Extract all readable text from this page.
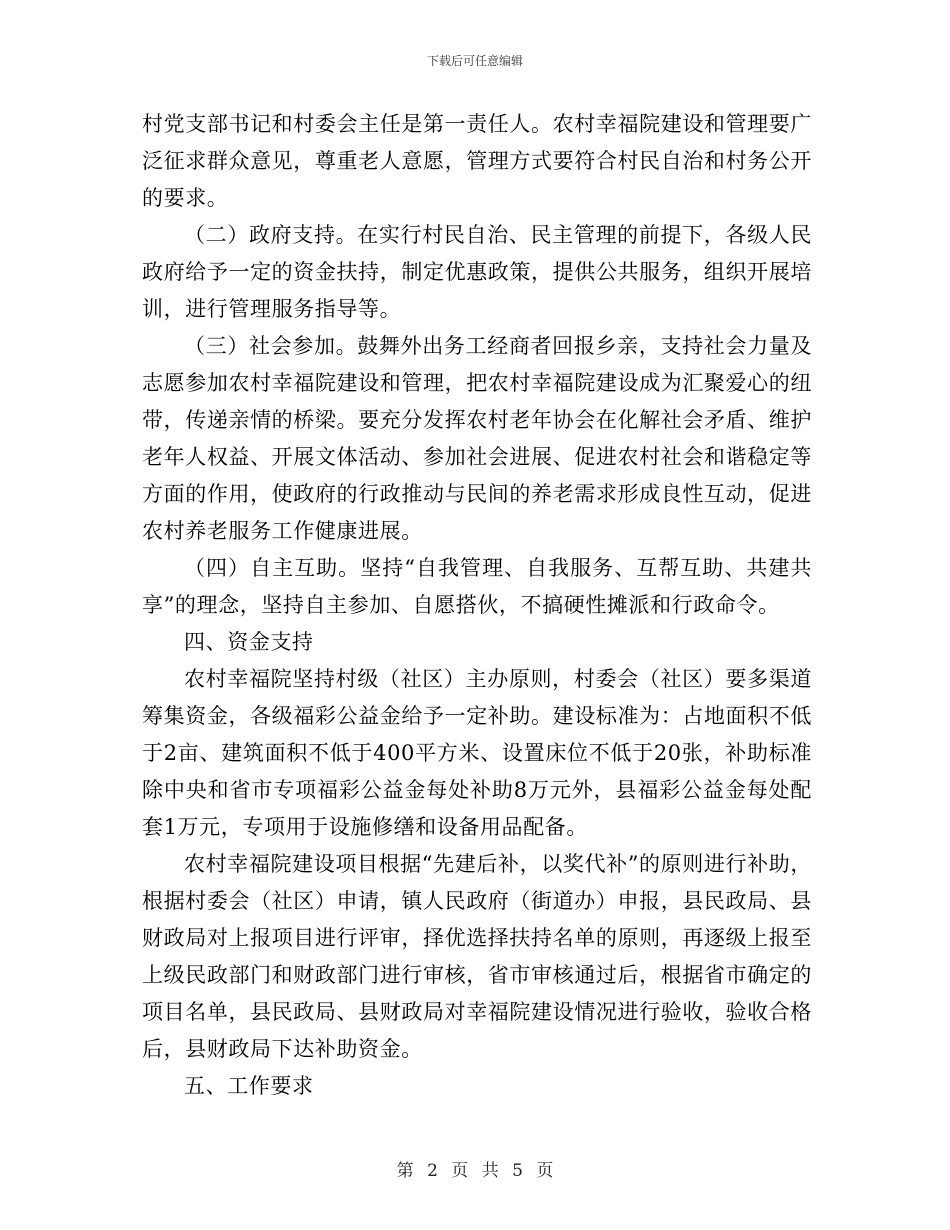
下载后可任意编辑

村党支部书记和村委会主任是第一责任人。农村幸福院建设和管理要广泛征求群众意见，尊重老人意愿，管理方式要符合村民自治和村务公开的要求。

（二）政府支持。在实行村民自治、民主管理的前提下，各级人民政府给予一定的资金扶持，制定优惠政策，提供公共服务，组织开展培训，进行管理服务指导等。

（三）社会参加。鼓舞外出务工经商者回报乡亲，支持社会力量及志愿参加农村幸福院建设和管理，把农村幸福院建设成为汇聚爱心的纽带，传递亲情的桥梁。要充分发挥农村老年协会在化解社会矛盾、维护老年人权益、开展文体活动、参加社会进展、促进农村社会和谐稳定等方面的作用，使政府的行政推动与民间的养老需求形成良性互动，促进农村养老服务工作健康进展。

（四）自主互助。坚持“自我管理、自我服务、互帮互助、共建共享”的理念，坚持自主参加、自愿搭伙，不搞硬性摊派和行政命令。

四、资金支持

农村幸福院坚持村级（社区）主办原则，村委会（社区）要多渠道筹集资金，各级福彩公益金给予一定补助。建设标准为：占地面积不低于2亩、建筑面积不低于400平方米、设置床位不低于20张，补助标准除中央和省市专项福彩公益金每处补助8万元外，县福彩公益金每处配套1万元，专项用于设施修缮和设备用品配备。

农村幸福院建设项目根据“先建后补，以奖代补”的原则进行补助，根据村委会（社区）申请，镇人民政府（街道办）申报，县民政局、县财政局对上报项目进行评审，择优选择扶持名单的原则，再逐级上报至上级民政部门和财政部门进行审核，省市审核通过后，根据省市确定的项目名单，县民政局、县财政局对幸福院建设情况进行验收，验收合格后，县财政局下达补助资金。

五、工作要求

第 2 页 共 5 页
